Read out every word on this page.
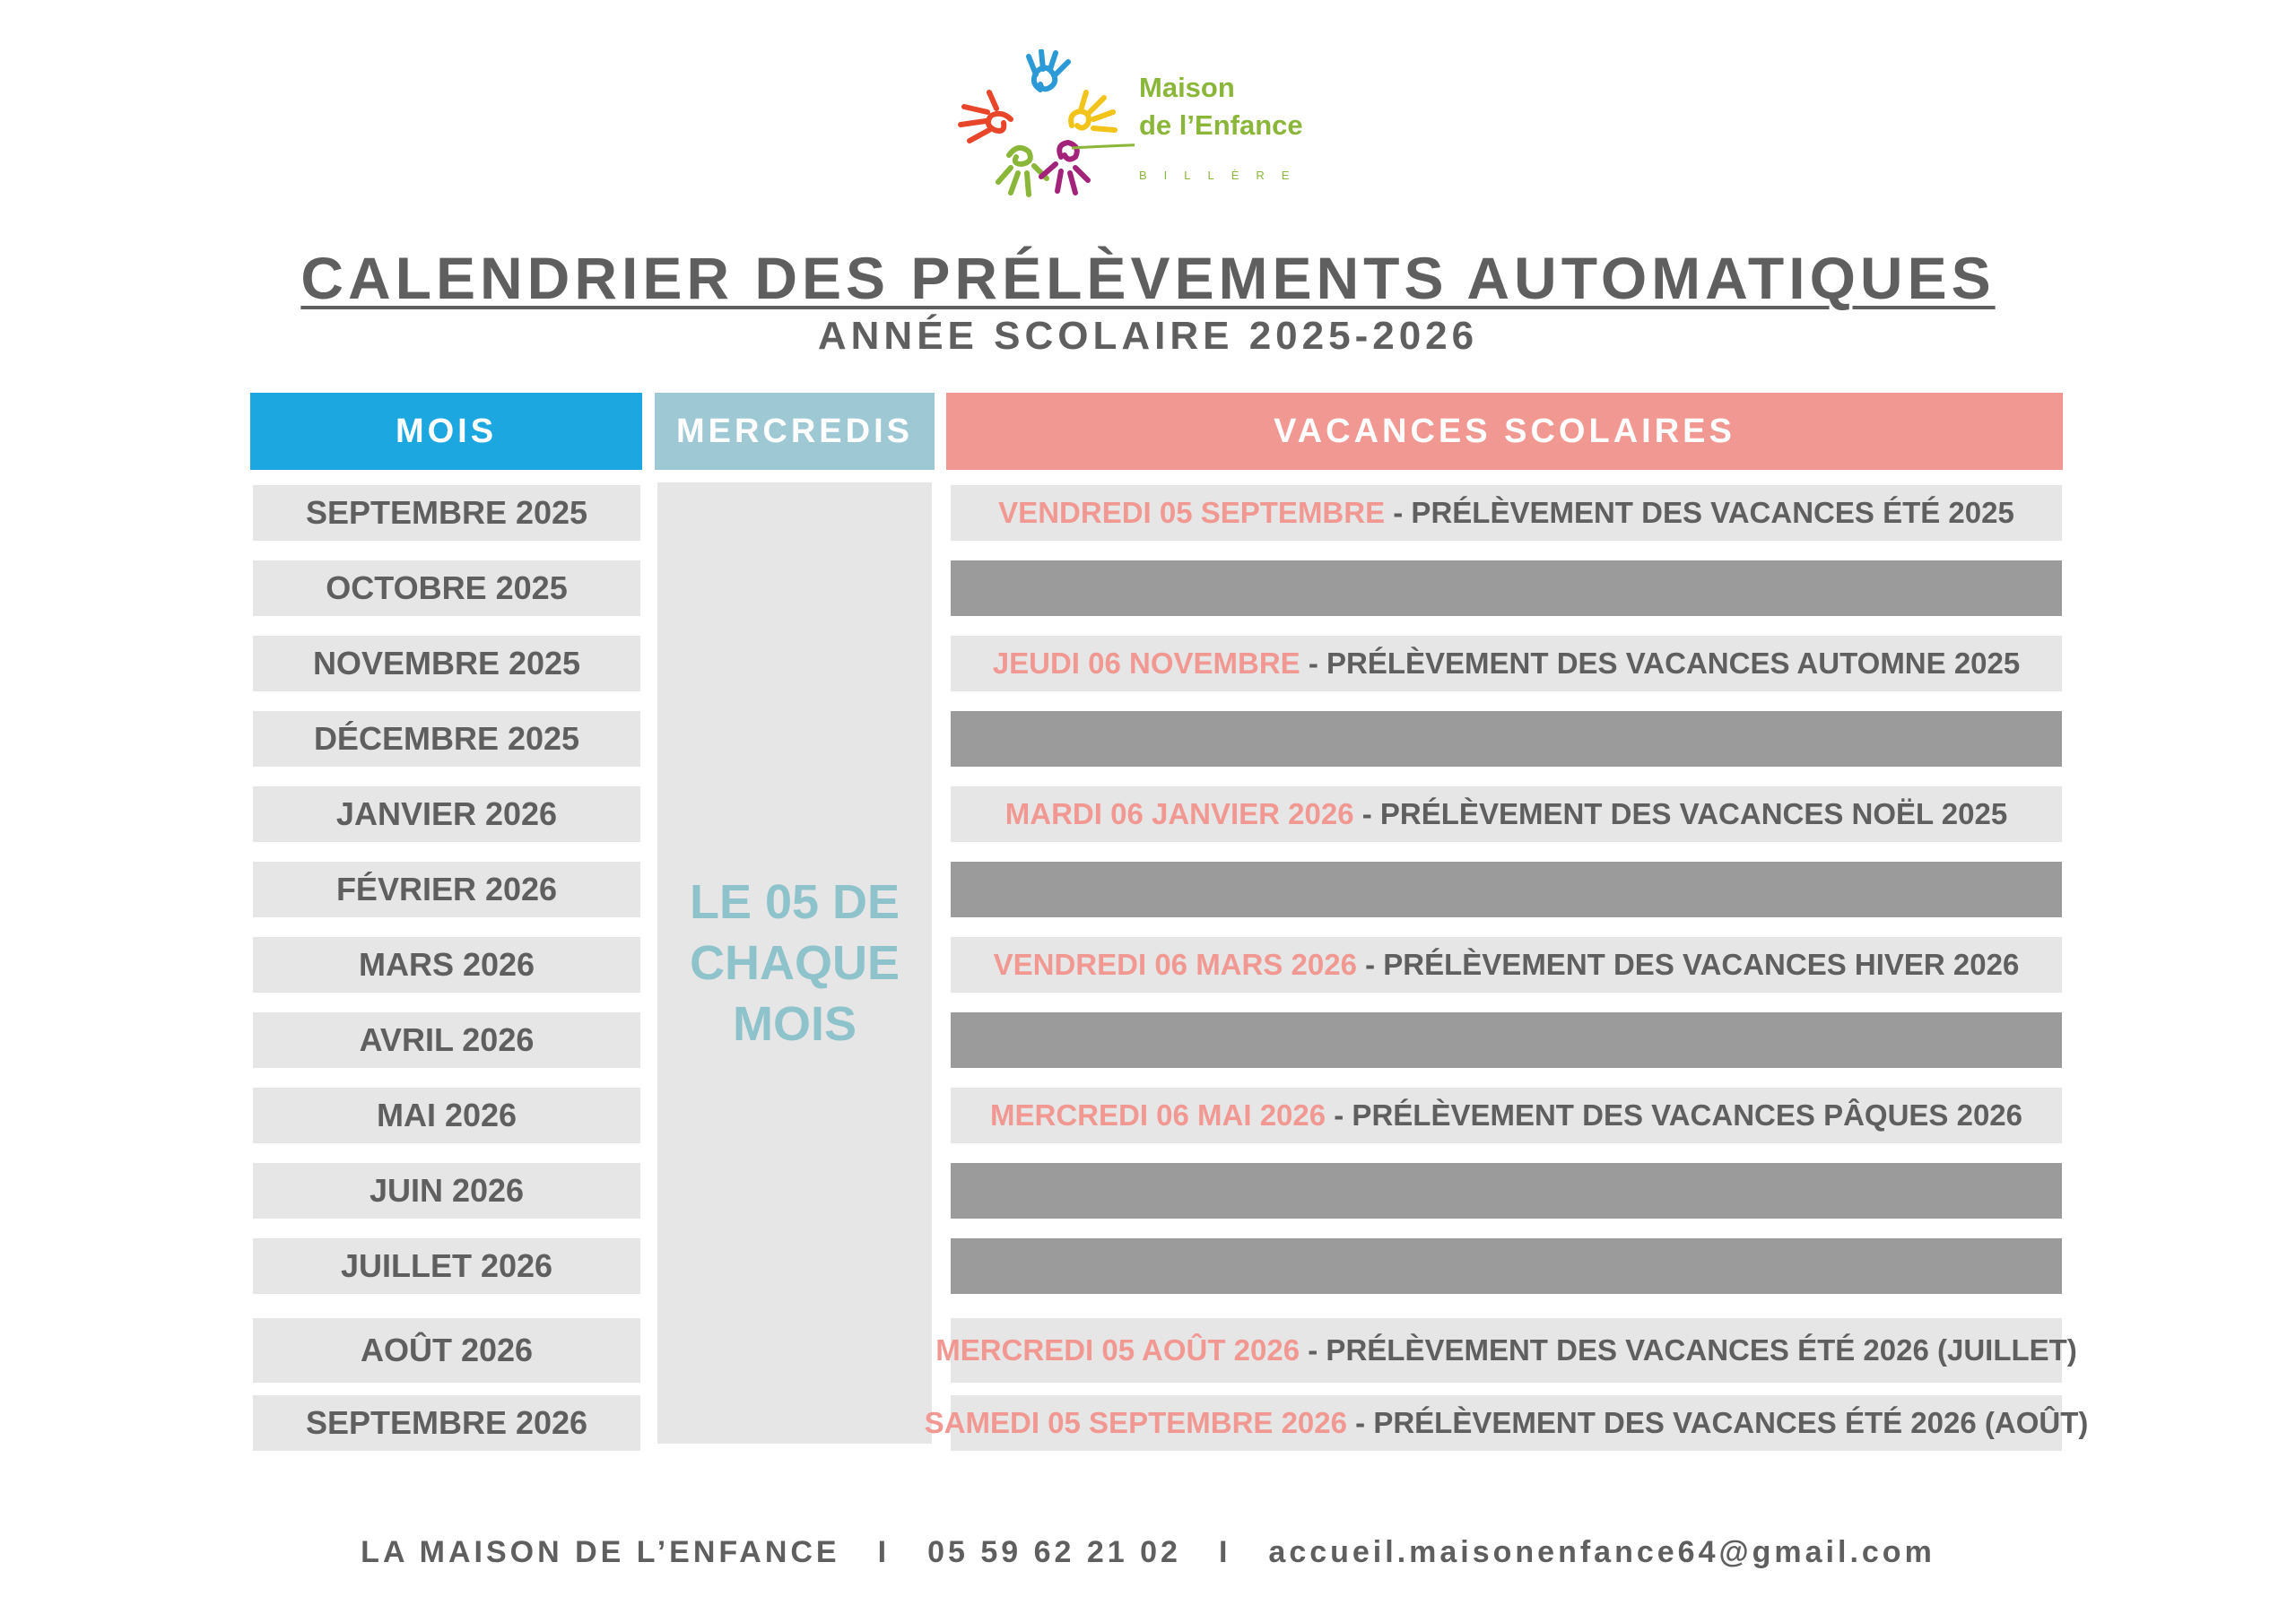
Maison
de l’Enfance
BILLÈRE
CALENDRIER DES PRÉLÈVEMENTS AUTOMATIQUES
ANNÉE SCOLAIRE 2025-2026
MOIS	MERCREDIS	VACANCES SCOLAIRES
LE 05 DE CHAQUE MOIS
SEPTEMBRE 2025	VENDREDI 05 SEPTEMBRE - PRÉLÈVEMENT DES VACANCES ÉTÉ 2025
OCTOBRE 2025
NOVEMBRE 2025	JEUDI 06 NOVEMBRE - PRÉLÈVEMENT DES VACANCES AUTOMNE 2025
DÉCEMBRE 2025
JANVIER 2026	MARDI 06 JANVIER 2026 - PRÉLÈVEMENT DES VACANCES NOËL 2025
FÉVRIER 2026
MARS 2026	VENDREDI 06 MARS 2026 - PRÉLÈVEMENT DES VACANCES HIVER 2026
AVRIL 2026
MAI 2026	MERCREDI 06 MAI 2026 - PRÉLÈVEMENT DES VACANCES PÂQUES 2026
JUIN 2026
JUILLET 2026
AOÛT 2026	MERCREDI 05 AOÛT 2026 - PRÉLÈVEMENT DES VACANCES ÉTÉ 2026 (JUILLET)
SEPTEMBRE 2026	SAMEDI 05 SEPTEMBRE 2026 - PRÉLÈVEMENT DES VACANCES ÉTÉ 2026 (AOÛT)
LA MAISON DE L’ENFANCE I 05 59 62 21 02 I accueil.maisonenfance64@gmail.com
